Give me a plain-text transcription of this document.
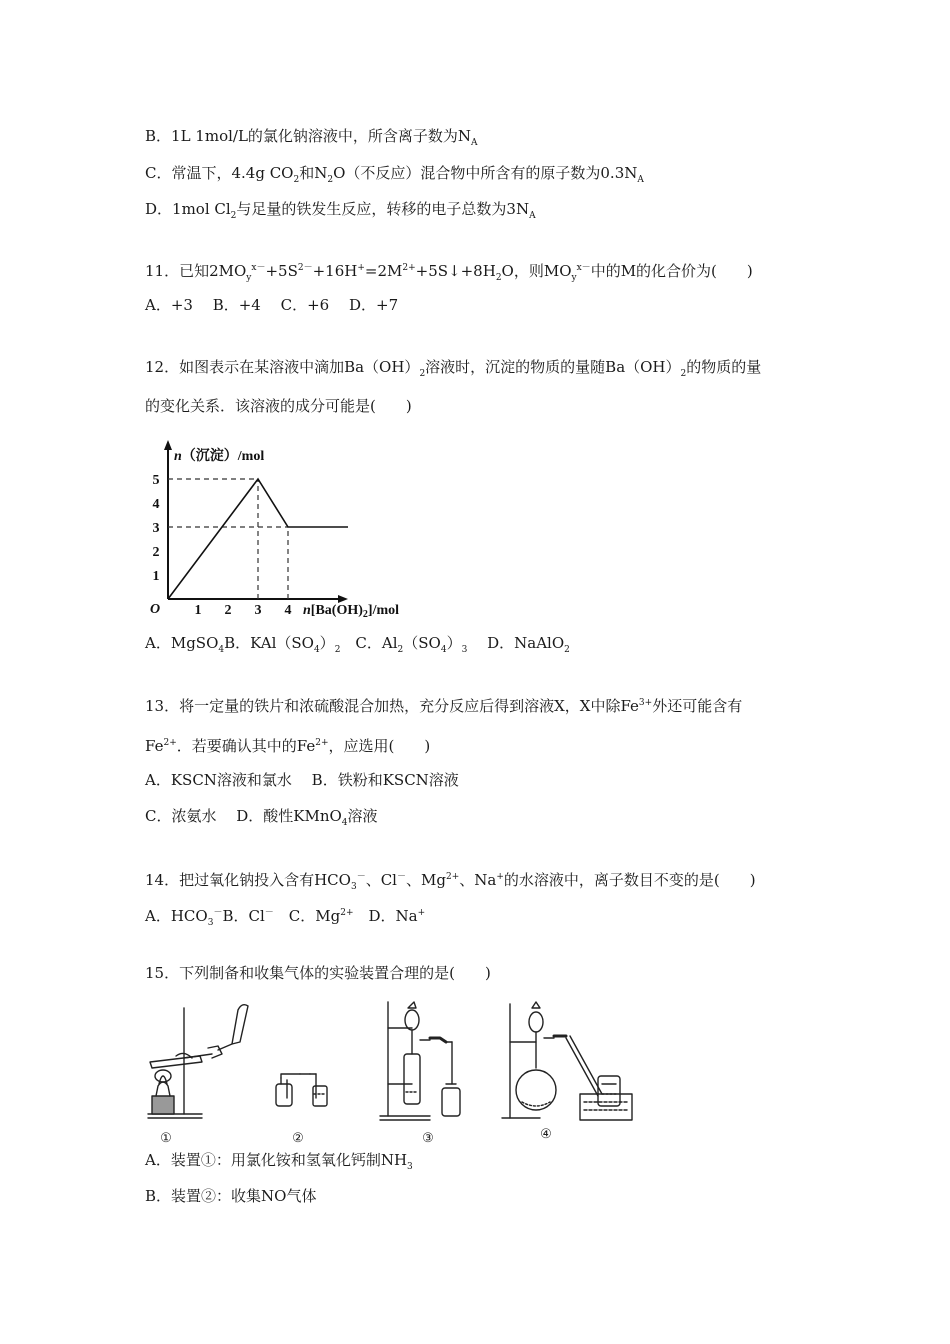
B．1L 1mol/L的氯化钠溶液中，所含离子数为$N_A$
C．常温下，4.4g $CO_2$和$N_2O$（不反应）混合物中所含有的原子数为$0.3N_A$
D．1mol $Cl_2$与足量的铁发生反应，转移的电子总数为$3N_A$
11．已知$2MO_y^{x-}+5S^{2-}+16H^+=2M^{2+}+5S↓+8H_2O$，则$MO_y^{x-}$中的M的化合价为(　　)
A．+3　 B．+4　 C．+6　 D．+7
12．如图表示在某溶液中滴加$Ba(OH)_2$溶液时，沉淀的物质的量随$Ba(OH)_2$的物质的量
的变化关系．该溶液的成分可能是(　　)
1 2 3 4
1
2
3
4
5
O
n（沉淀）/mol
$n[Ba(OH)_2]$/mol
A．MgSO$_4$B．$KAl(SO_4)_2$　C．$Al_2(SO_4)_3$　 D．NaAlO$_2$
13．将一定量的铁片和浓硫酸混合加热，充分反应后得到溶液X，X中除$Fe^{3+}$外还可能含有
$Fe^{2+}$．若要确认其中的$Fe^{2+}$，应选用(　　)
A．KSCN溶液和氯水　 B．铁粉和KSCN溶液
C．浓氨水　 D．酸性KMnO$_4$溶液
14．把过氧化钠投入含有$HCO_3^-$、Cl－、$Mg^{2+}$、Na+的水溶液中，离子数目不变的是(　　)
A．$HCO_3^-B$．Cl－　C．$Mg^{2+}$　D．Na+
15．下列制备和收集气体的实验装置合理的是(　　)
①	②	③	④
A．装置①：用氯化铵和氢氧化钙制$NH_3$
B．装置②：收集NO气体
